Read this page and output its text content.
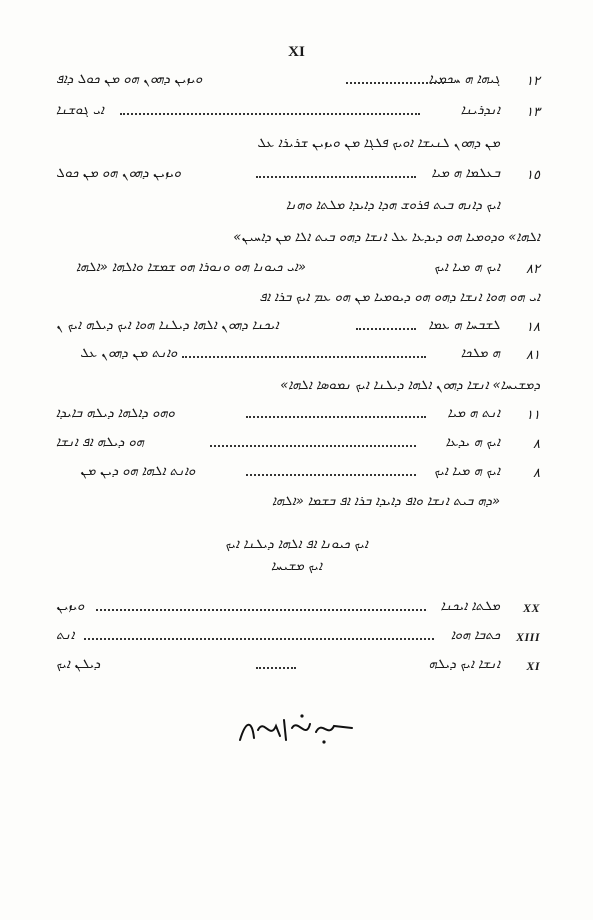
XI
١٢
ܓܝܗܐ ܗ ܚܟܡܝܐ
ܘܝܙܝܢ ܕܗܘܢ ܗܘ ܡܢ ܟܘܠ ܕܐܦ
١٣
ܐܢܕܪܝܢܐ
ܐܝ ܓܘܫܢܐ
ܡܢ ܕܗܘܢ ܠܢܝܫܐ ܐܘܝܟ ܦܠܓܐ ܡܢ ܘܝܙܝܢ ܫܪܝܪܐ ܥܠ
١٥
ܒܥܠܡܐ ܗ ܡܝܐ
ܘܝܙܝܢ ܕܗܘܢ ܗܘ ܡܢ ܟܘܠ
ܐܝܟ ܕܐܢܗ ܒܝܬ ܦܪܘܫ ܗܕܐ ܕܐܝܕܐ ܡܠܬܐ ܘܗܢܐ
«ܐܠܗܐ» ܘܕܘܡܝܐ ܗܘ ܕܝܕܥܐ ܥܠ ܐܢܫܐ ܕܗܘ ܒܝܬ ܐܠܐ ܡܢ ܕܐܚܝܢ
٨٢
ܐܝܟ ܗ ܡܝܐ ܐܝܟ
ܐܝ ܟܝܘܢܐ ܗܘ ܘܢܘܪܐ ܗܘ ܫܡܫܐ ܘܐܠܗܐ «ܐܠܗܐ»
ܐܝ ܗܘ ܗܘܐ ܐܢܫܐ ܕܗܘ ܗܘ ܕܝܘܡܝܐ ܡܢ ܗܘ ܥܡ ܐܝܟ ܒܪܐ ܐܦ
١٨
ܠܫܒܚܐ ܗ ܥܡܐ
ܐܝܟܢܐ ܕܗܘܢ ܐܠܗܐ ܕܝܠܢܐ ܗܘܐ ܐܝܟ ܕܝܠܗ ܐܝܟ ܢ
٨١
ܗ ܡܠܟܐ
ܘܐܢܬ ܡܢ ܕܗܘܢ ܥܠ
«ܕܡܫܝܚܐ» ܐܢܫܐ ܕܗܘܢ ܐܠܗܐ ܕܝܠܢܐ ܐܝܟ ܢܡܘܣܐ ܐܠܗܐ
١١
ܐܢܬ ܗ ܡܝܐ
ܘܗܘ ܕܐܠܗܐ ܕܝܠܗ ܒܐܝܕܐ
٨
ܐܝܟ ܗ ܝܕܥܐ
ܗܘ ܕܝܠܗ ܐܦ ܐܢܫܐ
٨
ܐܝܟ ܗ ܡܝܐ ܐܝܟ
ܘܐܢܬ ܐܠܗܐ ܗܘ ܕܝܢ ܡܢ
ܕܗ ܒܝܬ ܐܢܫܐ ܘܐܦ ܕܐܝܕܐ ܒܪܐ ܐܦ ܒܫܡܐ «ܐܠܗܐ»
ܐܝܟ ܟܝܘܢܐ ܐܦ ܐܠܗܐ ܕܝܠܢܐ ܐܝܟ
ܐܝܟ ܡܫܝܚܐ
XX
ܡܠܬܐ ܐܝܟܢܐ
ܘܝܙܝܢ
XIII
ܟܬܒܐ ܗܘܐ
ܐܢܬ
XI
ܐܢܫܐ ܐܝܟ ܕܝܠܗ
ܕܝܠܢ ܐܝܟ
